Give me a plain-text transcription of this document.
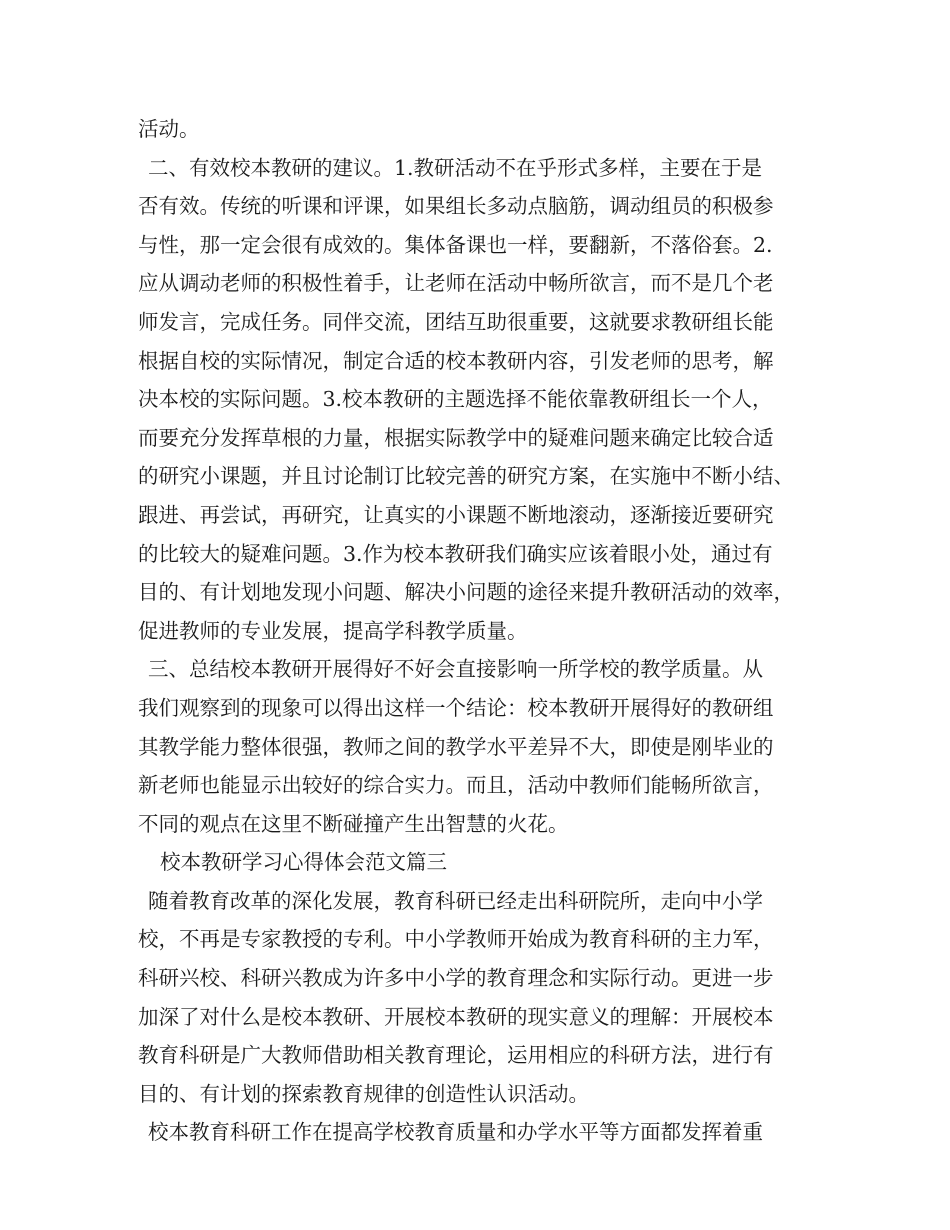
活动。
二、有效校本教研的建议。1.教研活动不在乎形式多样，主要在于是
否有效。传统的听课和评课，如果组长多动点脑筋，调动组员的积极参
与性，那一定会很有成效的。集体备课也一样，要翻新，不落俗套。2.
应从调动老师的积极性着手，让老师在活动中畅所欲言，而不是几个老
师发言，完成任务。同伴交流，团结互助很重要，这就要求教研组长能
根据自校的实际情况，制定合适的校本教研内容，引发老师的思考，解
决本校的实际问题。3.校本教研的主题选择不能依靠教研组长一个人，
而要充分发挥草根的力量，根据实际教学中的疑难问题来确定比较合适
的研究小课题，并且讨论制订比较完善的研究方案，在实施中不断小结、
跟进、再尝试，再研究，让真实的小课题不断地滚动，逐渐接近要研究
的比较大的疑难问题。3.作为校本教研我们确实应该着眼小处，通过有
目的、有计划地发现小问题、解决小问题的途径来提升教研活动的效率，
促进教师的专业发展，提高学科教学质量。
三、总结校本教研开展得好不好会直接影响一所学校的教学质量。从
我们观察到的现象可以得出这样一个结论：校本教研开展得好的教研组
其教学能力整体很强，教师之间的教学水平差异不大，即使是刚毕业的
新老师也能显示出较好的综合实力。而且，活动中教师们能畅所欲言，
不同的观点在这里不断碰撞产生出智慧的火花。
校本教研学习心得体会范文篇三
随着教育改革的深化发展，教育科研已经走出科研院所，走向中小学
校，不再是专家教授的专利。中小学教师开始成为教育科研的主力军，
科研兴校、科研兴教成为许多中小学的教育理念和实际行动。更进一步
加深了对什么是校本教研、开展校本教研的现实意义的理解：开展校本
教育科研是广大教师借助相关教育理论，运用相应的科研方法，进行有
目的、有计划的探索教育规律的创造性认识活动。
校本教育科研工作在提高学校教育质量和办学水平等方面都发挥着重
